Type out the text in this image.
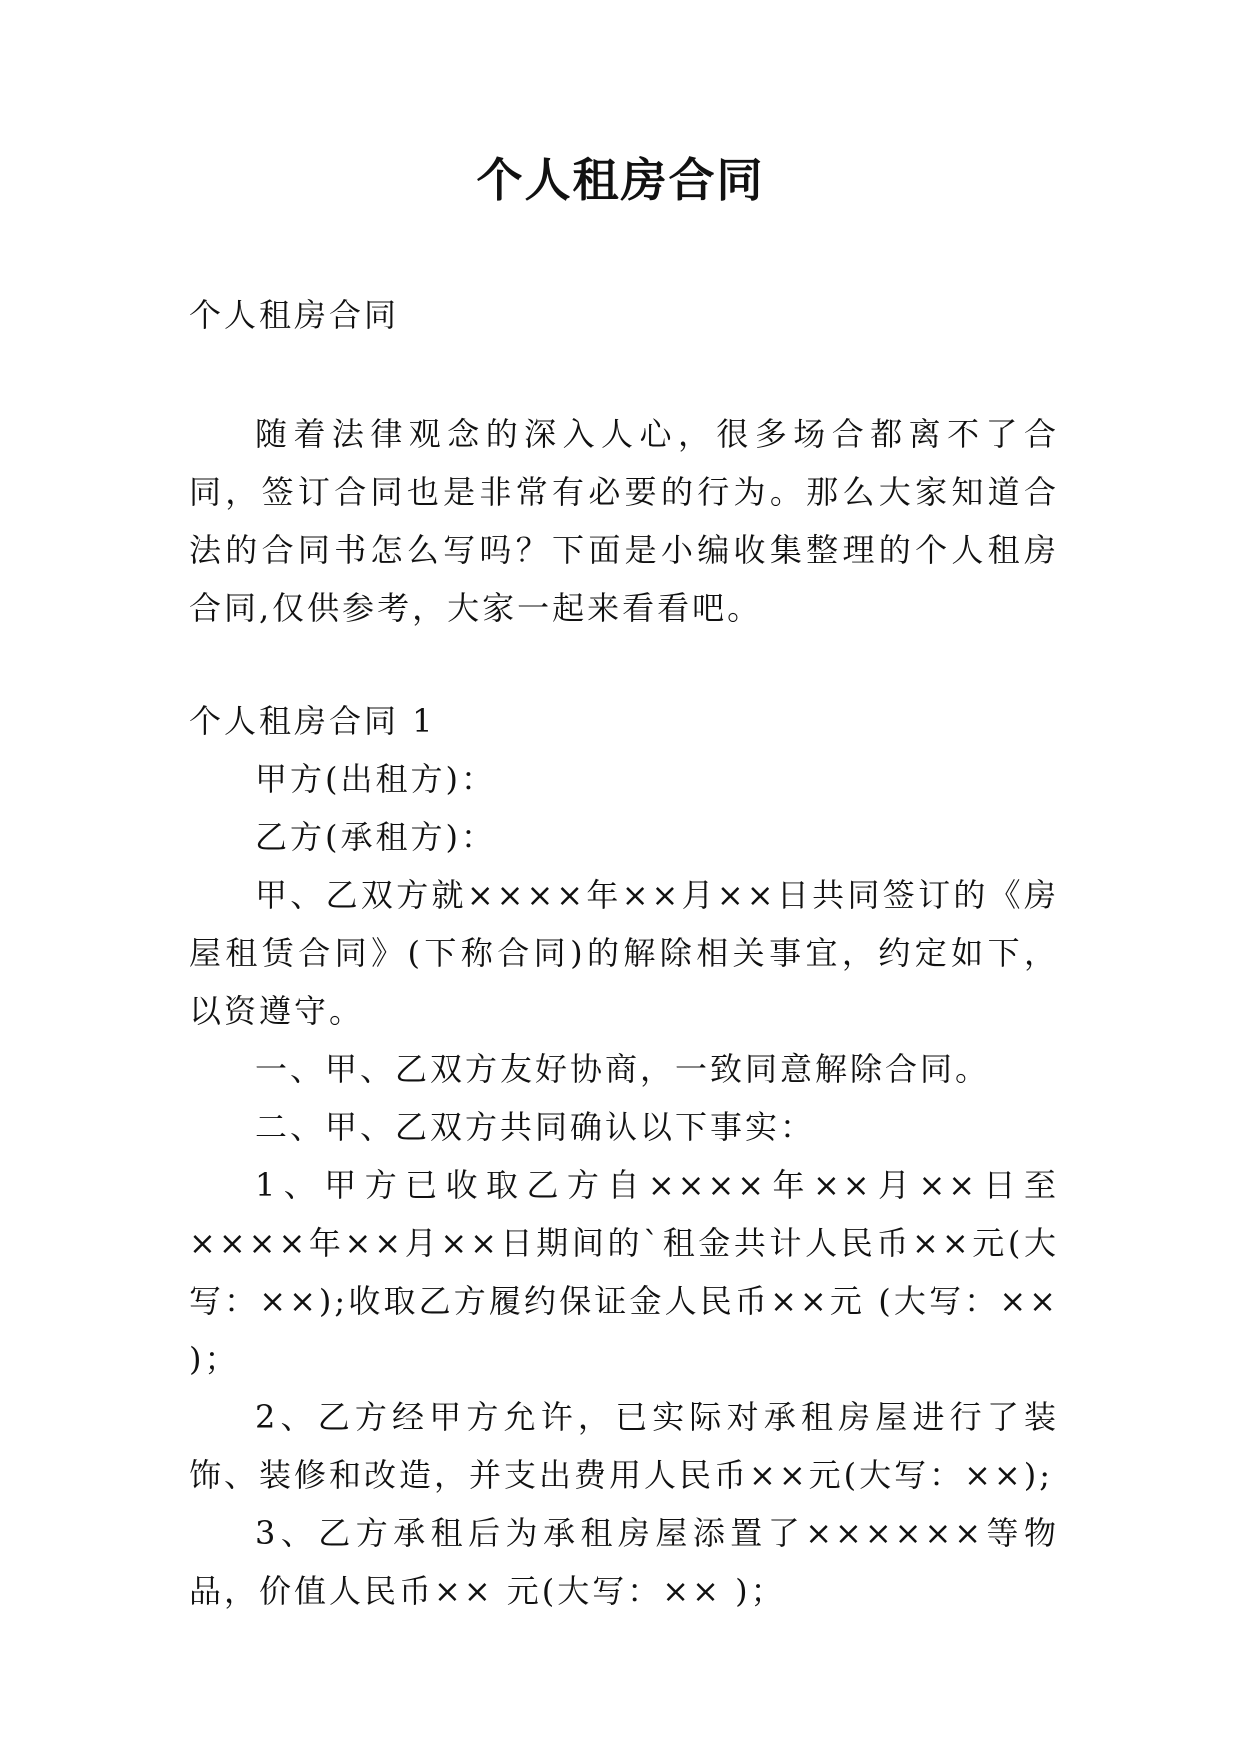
个人租房合同

个人租房合同

随着法律观念的深入人心，很多场合都离不了合同，签订合同也是非常有必要的行为。那么大家知道合法的合同书怎么写吗？下面是小编收集整理的个人租房合同,仅供参考，大家一起来看看吧。

个人租房合同 1

甲方(出租方)：

乙方(承租方)：

甲、乙双方就××××年××月××日共同签订的《房屋租赁合同》(下称合同)的解除相关事宜，约定如下，以资遵守。

一、甲、乙双方友好协商，一致同意解除合同。

二、甲、乙双方共同确认以下事实：

1、甲方已收取乙方自××××年××月××日至××××年××月××日期间的`租金共计人民币××元(大写：××);收取乙方履约保证金人民币××元 (大写：×× )；

2、乙方经甲方允许，已实际对承租房屋进行了装饰、装修和改造，并支出费用人民币××元(大写：××);

3、乙方承租后为承租房屋添置了××××××等物品，价值人民币×× 元(大写：×× )；
